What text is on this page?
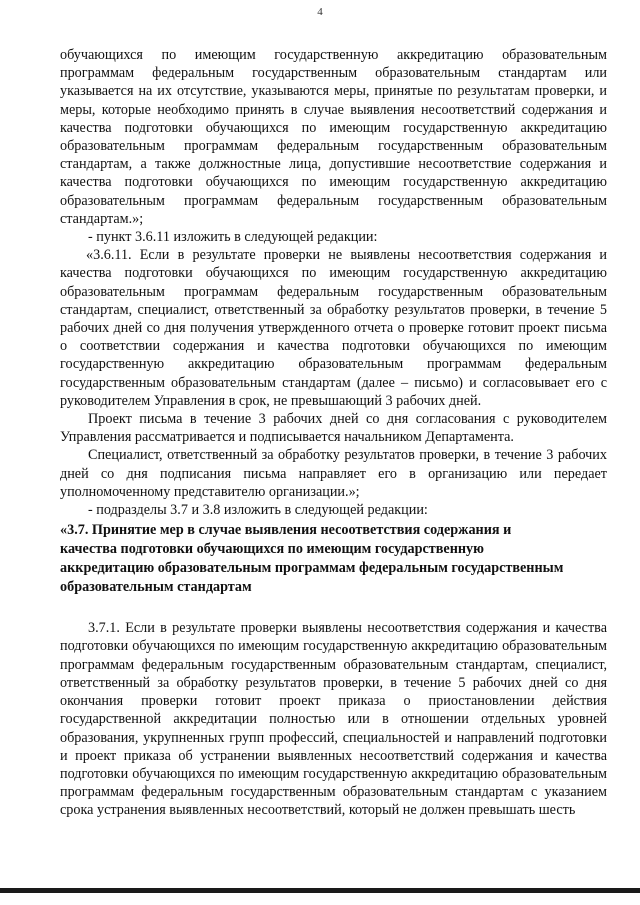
4

обучающихся по имеющим государственную аккредитацию образовательным программам федеральным государственным образовательным стандартам или указывается на их отсутствие, указываются меры, принятые по результатам проверки, и меры, которые необходимо принять в случае выявления несоответствий содержания и качества подготовки обучающихся по имеющим государственную аккредитацию образовательным программам федеральным государственным образовательным стандартам, а также должностные лица, допустившие несоответствие содержания и качества подготовки обучающихся по имеющим государственную аккредитацию образовательным программам федеральным государственным образовательным стандартам.»;

- пункт 3.6.11 изложить в следующей редакции:

«3.6.11. Если в результате проверки не выявлены несоответствия содержания и качества подготовки обучающихся по имеющим государственную аккредитацию образовательным программам федеральным государственным образовательным стандартам, специалист, ответственный за обработку результатов проверки, в течение 5 рабочих дней со дня получения утвержденного отчета о проверке готовит проект письма о соответствии содержания и качества подготовки обучающихся по имеющим государственную аккредитацию образовательным программам федеральным государственным образовательным стандартам (далее – письмо) и согласовывает его с руководителем Управления в срок, не превышающий 3 рабочих дней.

Проект письма в течение 3 рабочих дней со дня согласования с руководителем Управления рассматривается и подписывается начальником Департамента.

Специалист, ответственный за обработку результатов проверки, в течение 3 рабочих дней со дня подписания письма направляет его в организацию или передает уполномоченному представителю организации.»;

- подразделы 3.7 и 3.8 изложить в следующей редакции:

«3.7. Принятие мер в случае выявления несоответствия содержания и

качества подготовки обучающихся по имеющим государственную

аккредитацию образовательным программам федеральным государственным

образовательным стандартам

3.7.1. Если в результате проверки выявлены несоответствия содержания и качества подготовки обучающихся по имеющим государственную аккредитацию образовательным программам федеральным государственным образовательным стандартам, специалист, ответственный за обработку результатов проверки, в течение 5 рабочих дней со дня окончания проверки готовит проект приказа о приостановлении действия государственной аккредитации полностью или в отношении отдельных уровней образования, укрупненных групп профессий, специальностей и направлений подготовки и проект приказа об устранении выявленных несоответствий содержания и качества подготовки обучающихся по имеющим государственную аккредитацию образовательным программам федеральным государственным образовательным стандартам с указанием срока устранения выявленных несоответствий, который не должен превышать шесть
